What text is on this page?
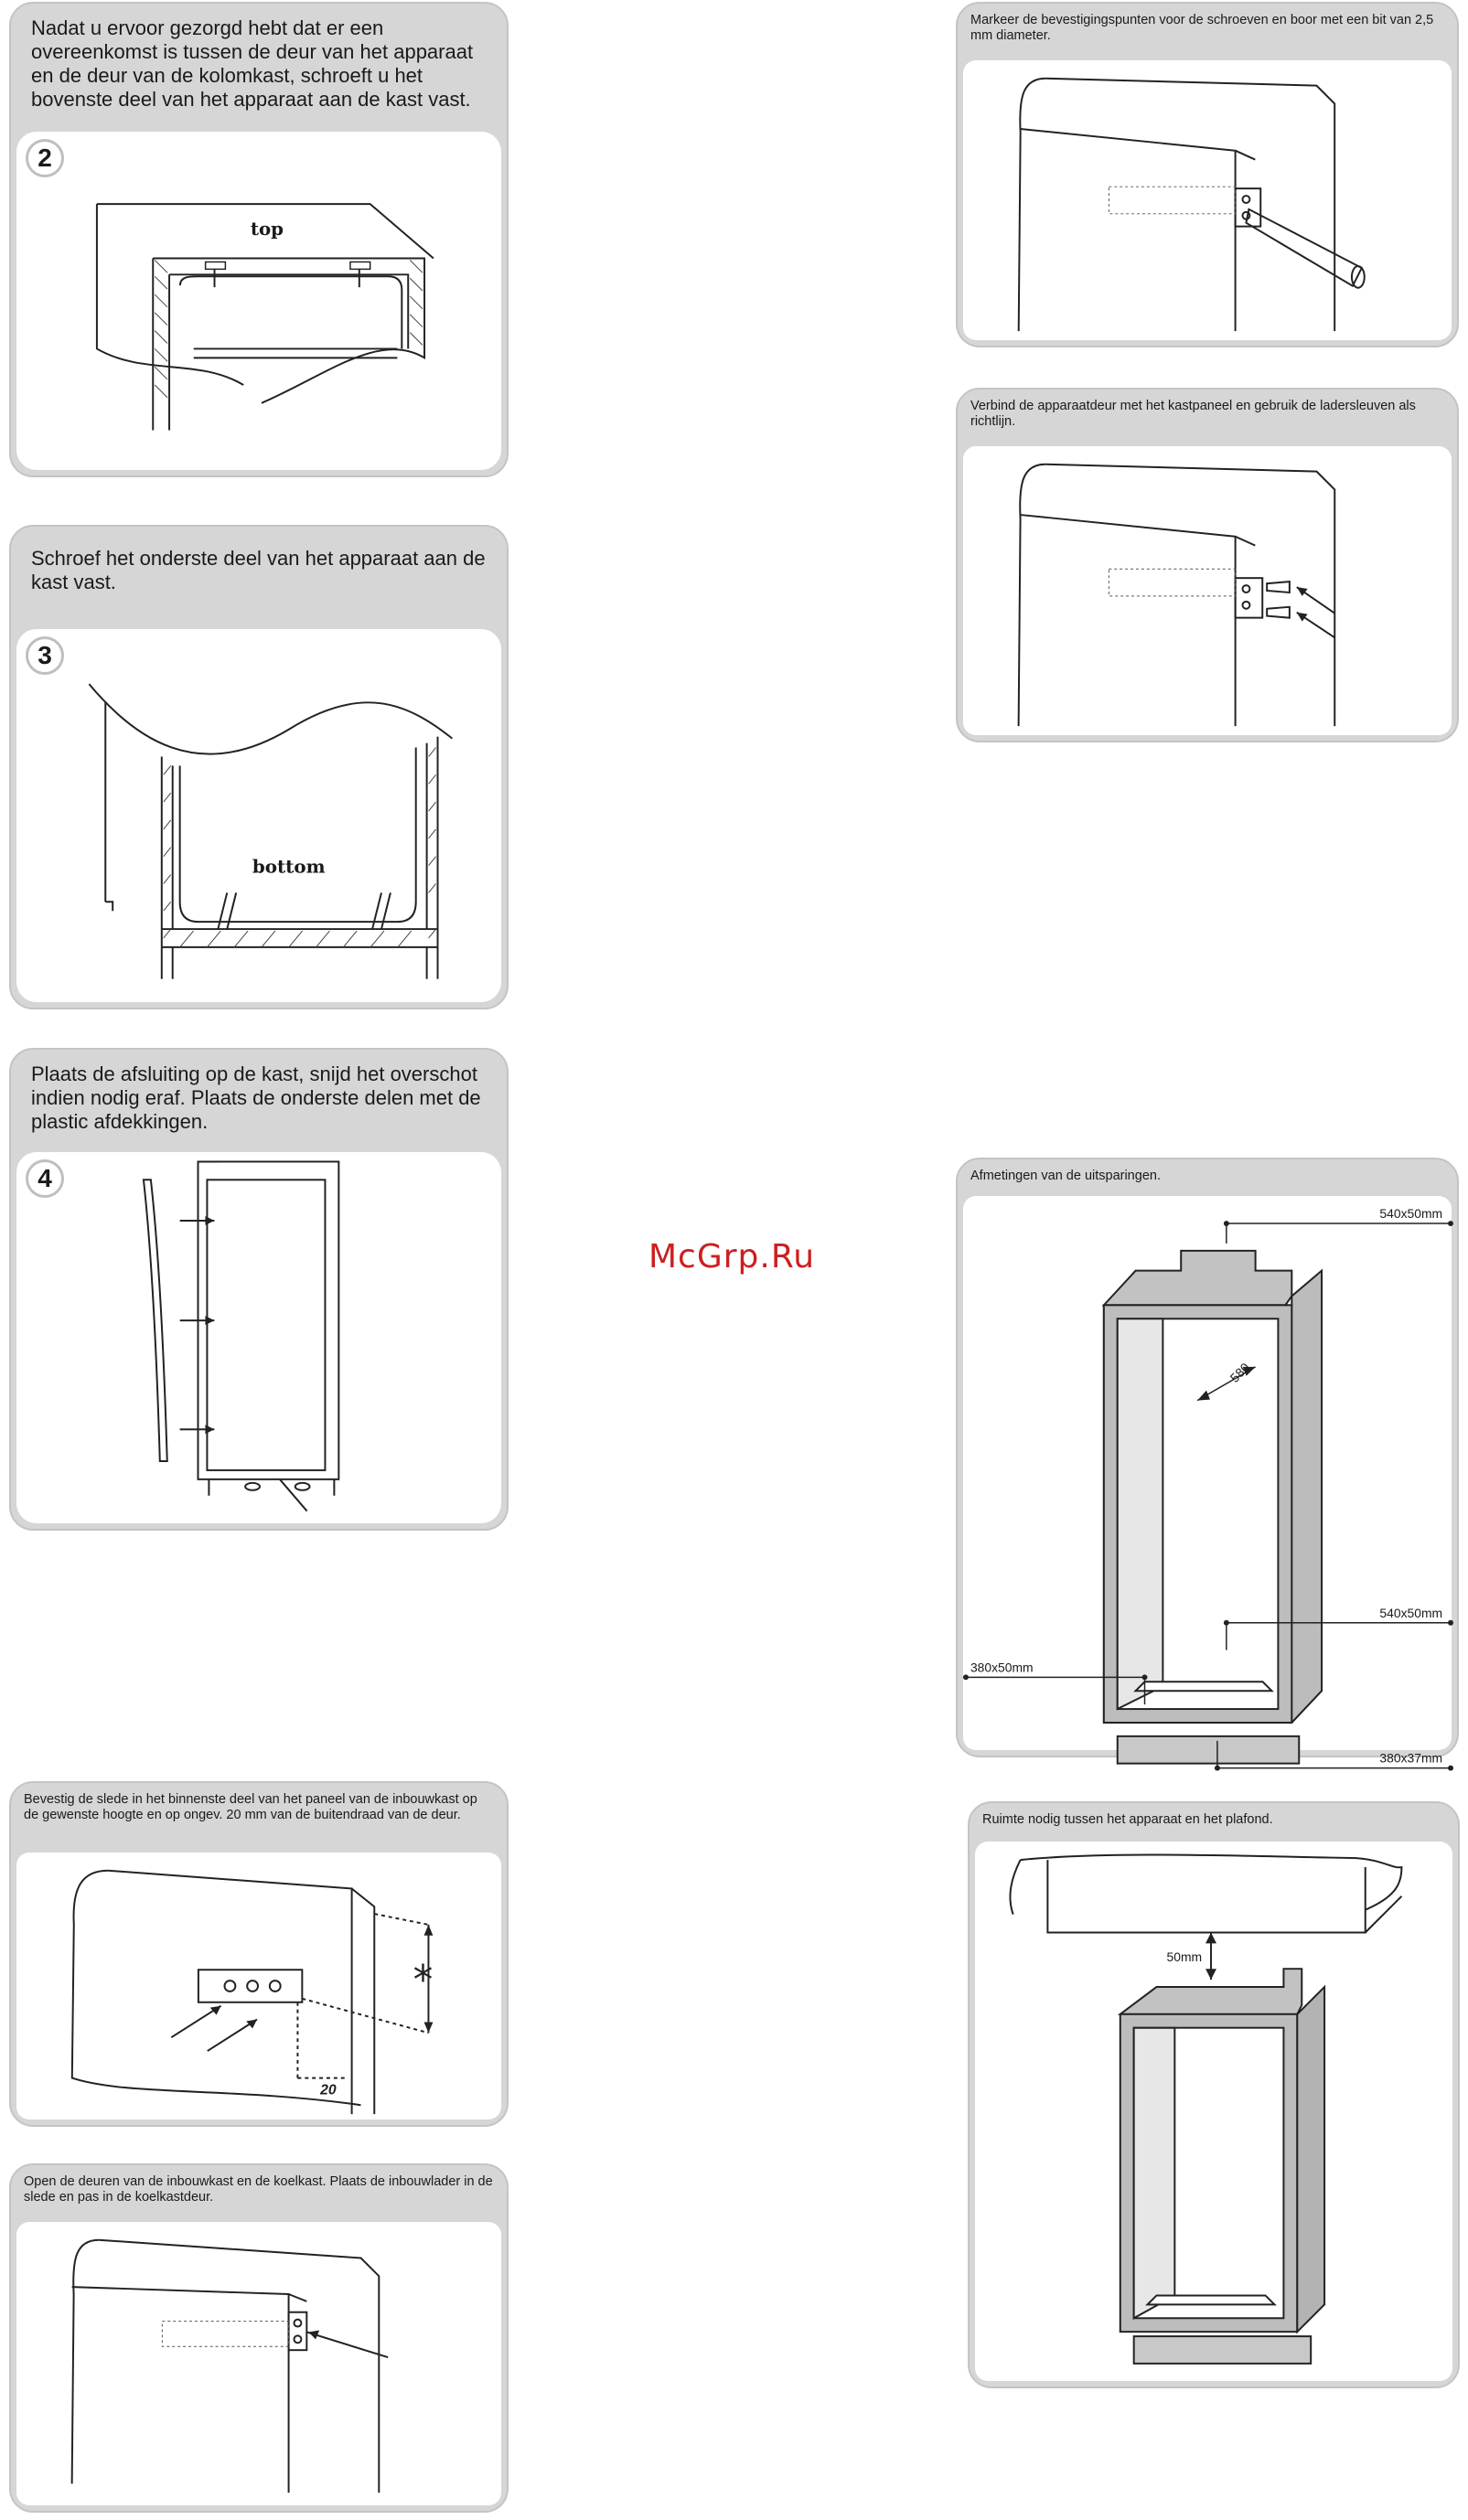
Nadat u ervoor gezorgd hebt dat er een overeenkomst is tussen de deur van het apparaat en de deur van de kolomkast, schroeft u het bovenste deel van het apparaat aan de kast vast.
2
top
Schroef het onderste deel van het apparaat aan de kast vast.
3
bottom
Plaats de afsluiting op de kast, snijd het overschot indien nodig eraf. Plaats de onderste delen met de plastic afdekkingen.
4
Bevestig de slede in het binnenste deel van het paneel van de inbouwkast op de gewenste hoogte en op ongev. 20 mm van de buitendraad van de deur.
*
20
Open de deuren van de inbouwkast en de koelkast. Plaats de inbouwlader in de slede en pas in de koelkastdeur.
Markeer de bevestigingspunten voor de schroeven en boor met een bit van 2,5 mm diameter.
Verbind de apparaatdeur met het kastpaneel en gebruik de ladersleuven als richtlijn.
McGrp.Ru
Afmetingen van de uitsparingen.
540x50mm
580
540x50mm
380x50mm
380x37mm
Ruimte nodig tussen het apparaat en het plafond.
50mm
